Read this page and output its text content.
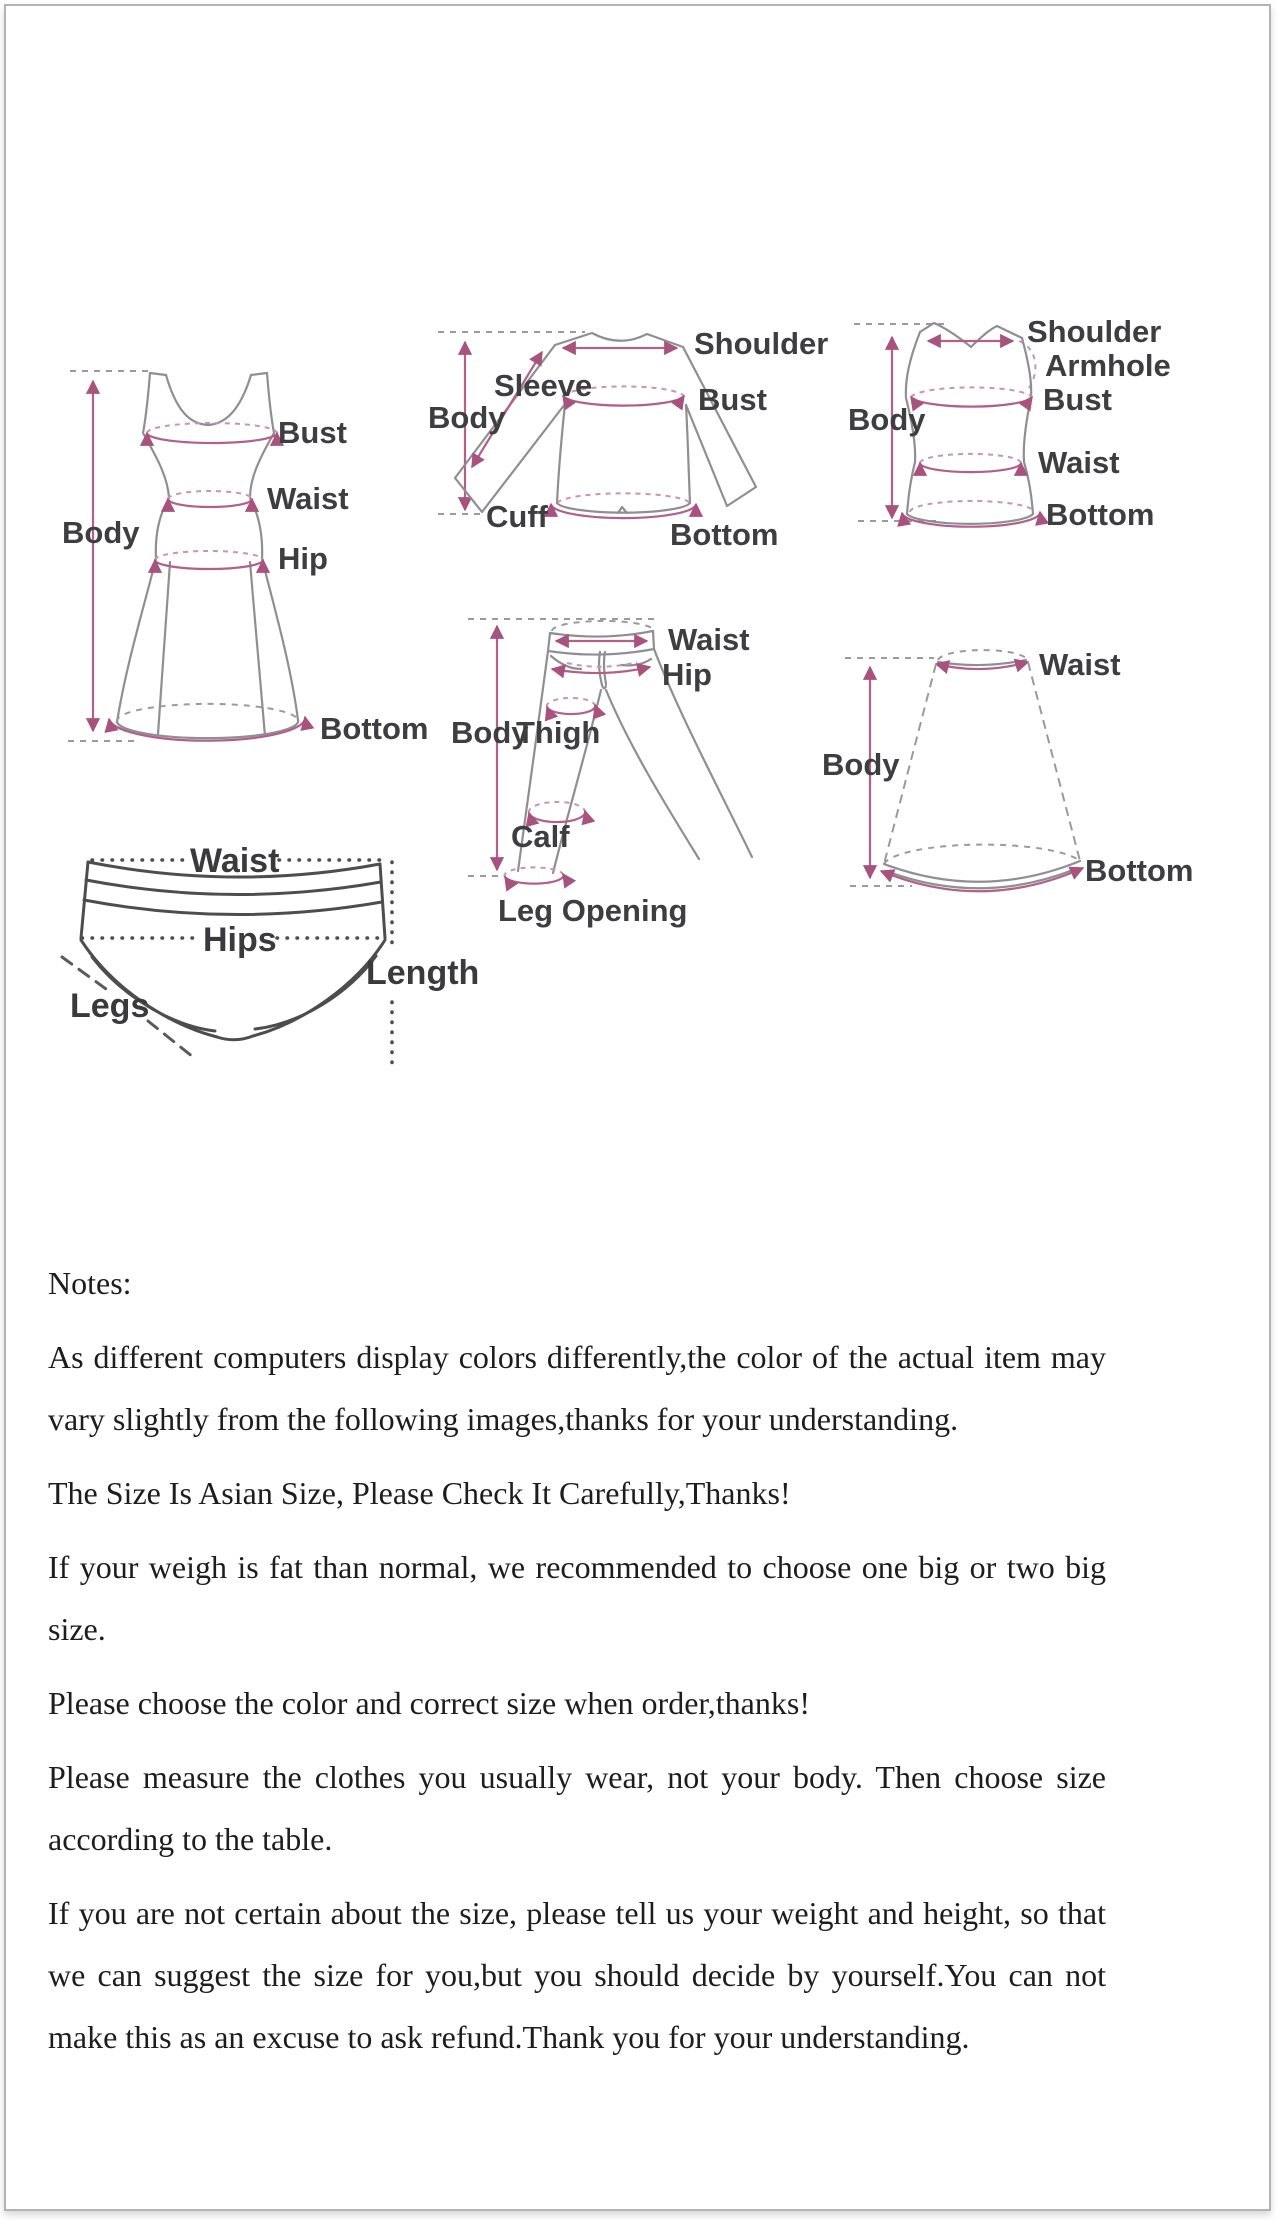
Body
Bust
Waist
Hip
Bottom
Sleeve
Body
Shoulder
Bust
Cuff
Bottom
Shoulder
Armhole
Body
Bust
Waist
Bottom
Waist
Hip
Body
Thigh
Calf
Leg Opening
Waist
Body
Bottom
Waist
Hips
Legs
Length

Notes:

As different computers display colors differently,the color of the actual item may vary slightly from the following images,thanks for your understanding.

The Size Is Asian Size, Please Check It Carefully,Thanks!

If your weigh is fat than normal, we recommended to choose one big or two big size.

Please choose the color and correct size when order,thanks!

Please measure the clothes you usually wear, not your body. Then choose size according to the table.

If you are not certain about the size, please tell us your weight and height, so that we can suggest the size for you,but you should decide by yourself.You can not make this as an excuse to ask refund.Thank you for your understanding.
